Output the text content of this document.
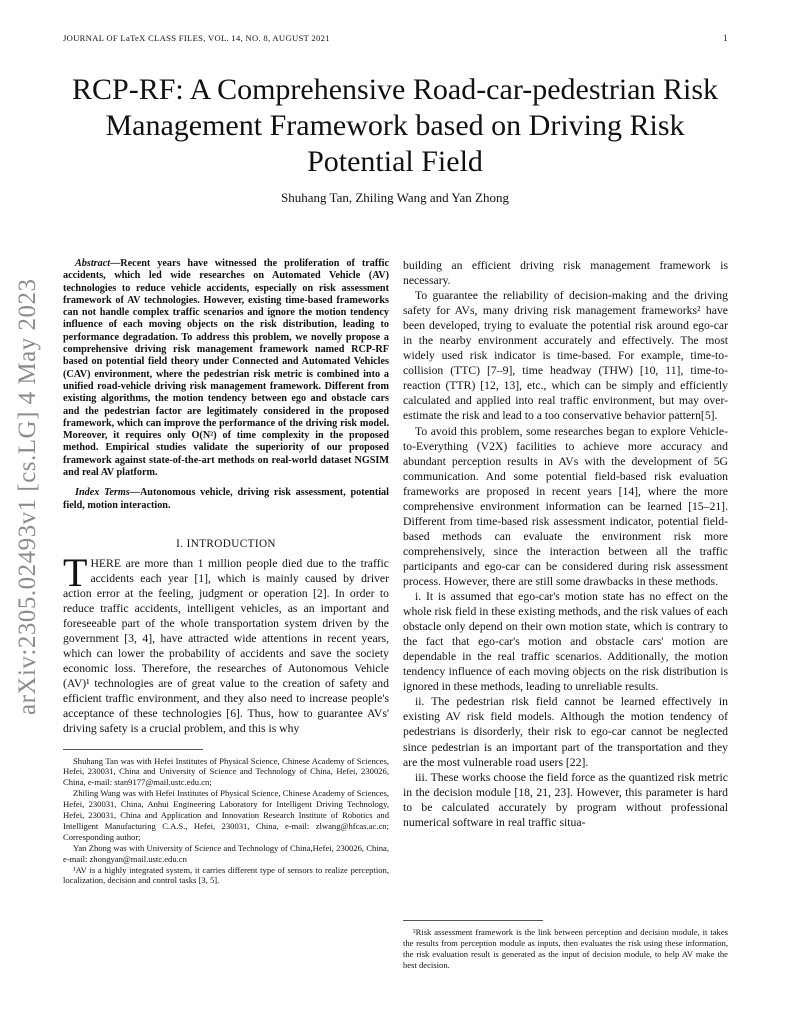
JOURNAL OF LaTeX CLASS FILES, VOL. 14, NO. 8, AUGUST 2021	1
RCP-RF: A Comprehensive Road-car-pedestrian Risk Management Framework based on Driving Risk Potential Field
Shuhang Tan, Zhiling Wang and Yan Zhong
arXiv:2305.02493v1 [cs.LG] 4 May 2023

Abstract—Recent years have witnessed the proliferation of traffic accidents, which led wide researches on Automated Vehicle (AV) technologies to reduce vehicle accidents, especially on risk assessment framework of AV technologies. However, existing time-based frameworks can not handle complex traffic scenarios and ignore the motion tendency influence of each moving objects on the risk distribution, leading to performance degradation. To address this problem, we novelly propose a comprehensive driving risk management framework named RCP-RF based on potential field theory under Connected and Automated Vehicles (CAV) environment, where the pedestrian risk metric is combined into a unified road-vehicle driving risk management framework. Different from existing algorithms, the motion tendency between ego and obstacle cars and the pedestrian factor are legitimately considered in the proposed framework, which can improve the performance of the driving risk model. Moreover, it requires only O(N²) of time complexity in the proposed method. Empirical studies validate the superiority of our proposed framework against state-of-the-art methods on real-world dataset NGSIM and real AV platform.

Index Terms—Autonomous vehicle, driving risk assessment, potential field, motion interaction.

I. INTRODUCTION

THERE are more than 1 million people died due to the traffic accidents each year [1], which is mainly caused by driver action error at the feeling, judgment or operation [2]. In order to reduce traffic accidents, intelligent vehicles, as an important and foreseeable part of the whole transportation system driven by the government [3, 4], have attracted wide attentions in recent years, which can lower the probability of accidents and save the society economic loss. Therefore, the researches of Autonomous Vehicle (AV)¹ technologies are of great value to the creation of safety and efficient traffic environment, and they also need to increase people's acceptance of these technologies [6]. Thus, how to guarantee AVs' driving safety is a crucial problem, and this is why

Shuhang Tan was with Hefei Institutes of Physical Science, Chinese Academy of Sciences, Hefei, 230031, China and University of Science and Technology of China, Hefei, 230026, China, e-mail: stan9177@mail.ustc.edu.cn;

Zhiling Wang was with Hefei Institutes of Physical Science, Chinese Academy of Sciences, Hefei, 230031, China, Anhui Engineering Laboratory for Intelligent Driving Technology, Hefei, 230031, China and Application and Innovation Research Institute of Robotics and Intelligent Manufacturing C.A.S., Hefei, 230031, China, e-mail: zlwang@hfcas.ac.cn; Corresponding author;

Yan Zhong was with University of Science and Technology of China,Hefei, 230026, China, e-mail: zhongyan@mail.ustc.edu.cn

¹AV is a highly integrated system, it carries different type of sensors to realize perception, localization, decision and control tasks [3, 5].

building an efficient driving risk management framework is necessary.

To guarantee the reliability of decision-making and the driving safety for AVs, many driving risk management frameworks² have been developed, trying to evaluate the potential risk around ego-car in the nearby environment accurately and effectively. The most widely used risk indicator is time-based. For example, time-to-collision (TTC) [7–9], time headway (THW) [10, 11], time-to-reaction (TTR) [12, 13], etc., which can be simply and efficiently calculated and applied into real traffic environment, but may over-estimate the risk and lead to a too conservative behavior pattern[5].

To avoid this problem, some researches began to explore Vehicle-to-Everything (V2X) facilities to achieve more accuracy and abundant perception results in AVs with the development of 5G communication. And some potential field-based risk evaluation frameworks are proposed in recent years [14], where the more comprehensive environment information can be learned [15–21]. Different from time-based risk assessment indicator, potential field-based methods can evaluate the environment risk more comprehensively, since the interaction between all the traffic participants and ego-car can be considered during risk assessment process. However, there are still some drawbacks in these methods.

i. It is assumed that ego-car's motion state has no effect on the whole risk field in these existing methods, and the risk values of each obstacle only depend on their own motion state, which is contrary to the fact that ego-car's motion and obstacle cars' motion are dependable in the real traffic scenarios. Additionally, the motion tendency influence of each moving objects on the risk distribution is ignored in these methods, leading to unreliable results.

ii. The pedestrian risk field cannot be learned effectively in existing AV risk field models. Although the motion tendency of pedestrians is disorderly, their risk to ego-car cannot be neglected since pedestrian is an important part of the transportation and they are the most vulnerable road users [22].

iii. These works choose the field force as the quantized risk metric in the decision module [18, 21, 23]. However, this parameter is hard to be calculated accurately by program without professional numerical software in real traffic situa-

²Risk assessment framework is the link between perception and decision module, it takes the results from perception module as inputs, then evaluates the risk using these information, the risk evaluation result is generated as the input of decision module, to help AV make the best decision.
